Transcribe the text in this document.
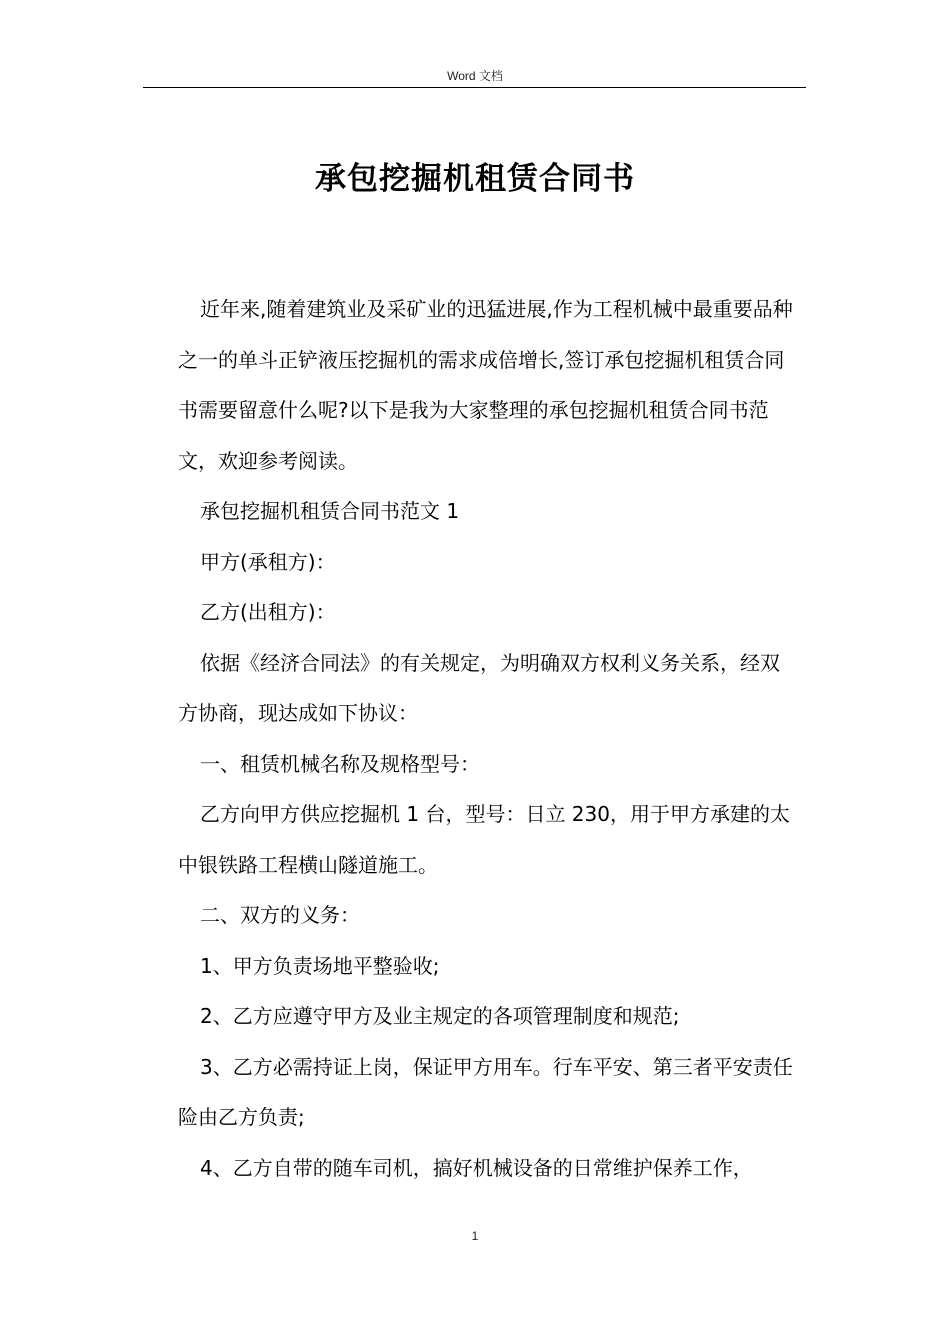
Word 文档
承包挖掘机租赁合同书

近年来,随着建筑业及采矿业的迅猛进展,作为工程机械中最重要品种之一的单斗正铲液压挖掘机的需求成倍增长,签订承包挖掘机租赁合同书需要留意什么呢?以下是我为大家整理的承包挖掘机租赁合同书范文，欢迎参考阅读。

承包挖掘机租赁合同书范文 1

甲方(承租方)：

乙方(出租方)：

依据《经济合同法》的有关规定，为明确双方权利义务关系，经双方协商，现达成如下协议：

一、租赁机械名称及规格型号：

乙方向甲方供应挖掘机 1 台，型号：日立 230，用于甲方承建的太中银铁路工程横山隧道施工。

二、双方的义务：

1、甲方负责场地平整验收;

2、乙方应遵守甲方及业主规定的各项管理制度和规范;

3、乙方必需持证上岗，保证甲方用车。行车平安、第三者平安责任险由乙方负责;

4、乙方自带的随车司机，搞好机械设备的日常维护保养工作，

1
